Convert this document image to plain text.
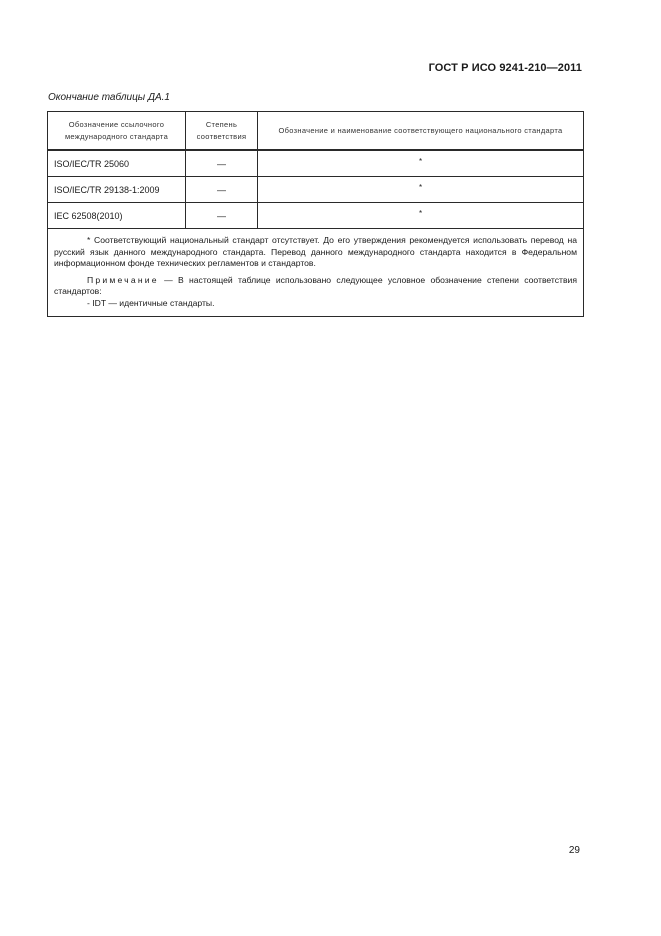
ГОСТ Р ИСО 9241-210—2011
Окончание таблицы ДА.1
Обозначение ссылочного международного стандарта	Степень соответствия	Обозначение и наименование соответствующего национального стандарта
ISO/IEC/TR 25060	—	*
ISO/IEC/TR 29138-1:2009	—	*
IEC 62508(2010)	—	*

* Соответствующий национальный стандарт отсутствует. До его утверждения рекомендуется использовать перевод на русский язык данного международного стандарта. Перевод данного международного стандарта находится в Федеральном информационном фонде технических регламентов и стандартов.

Примечание — В настоящей таблице использовано следующее условное обозначение степени соответствия стандартов:

- IDT — идентичные стандарты.		

29
